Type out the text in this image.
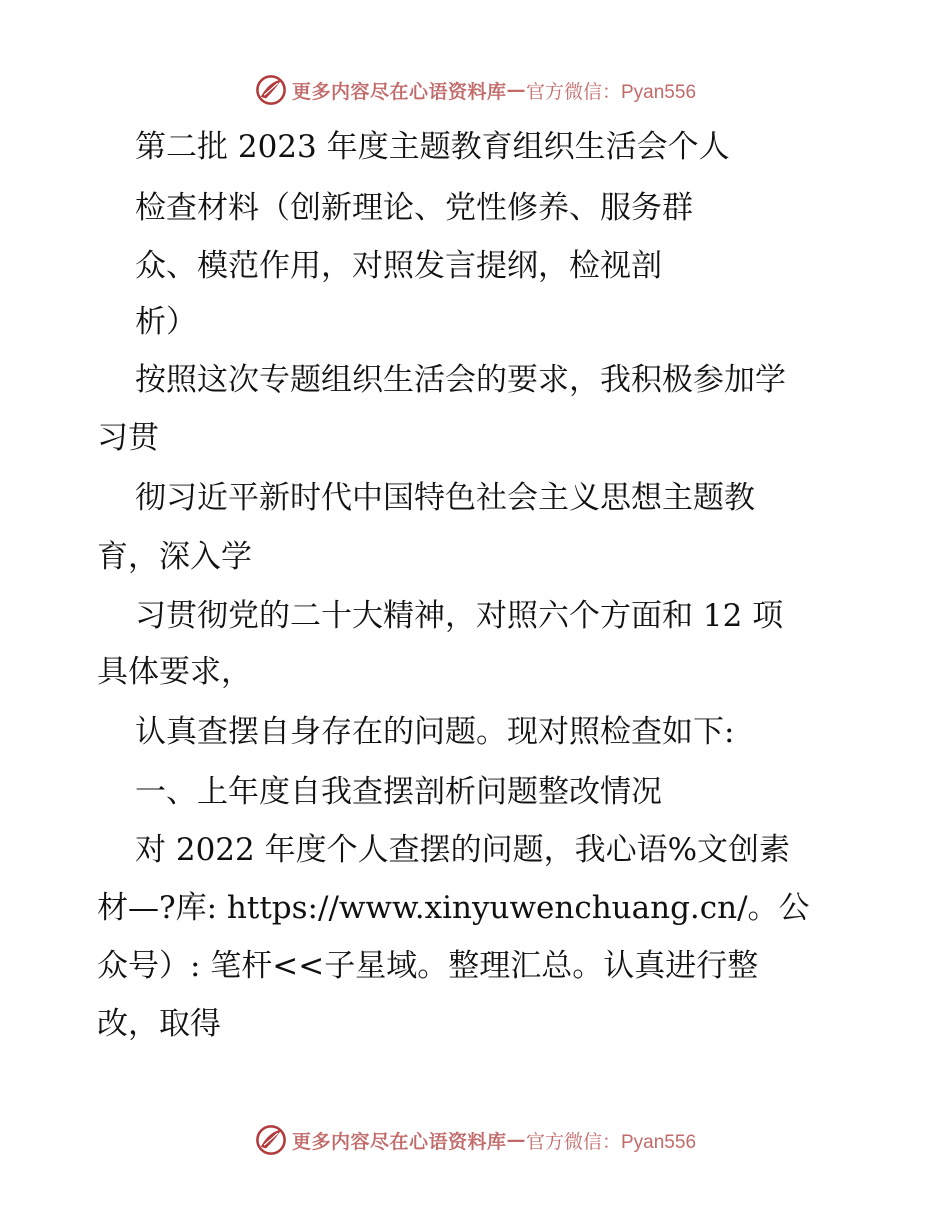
更多内容尽在心语资料库 — 官方微信：Pyan556
第二批 2023 年度主题教育组织生活会个人
检查材料（创新理论、党性修养、服务群
众、模范作用，对照发言提纲，检视剖
析）
按照这次专题组织生活会的要求，我积极参加学
习贯
彻习近平新时代中国特色社会主义思想主题教
育，深入学
习贯彻党的二十大精神，对照六个方面和 12 项
具体要求，
认真查摆自身存在的问题。现对照检查如下:
一、上年度自我查摆剖析问题整改情况
对 2022 年度个人查摆的问题，我心语%文创素
材—?库: https://www.xinyuwenchuang.cn/。公
众号）: 笔杆<<子星域。整理汇总。认真进行整
改，取得
更多内容尽在心语资料库 — 官方微信：Pyan556
